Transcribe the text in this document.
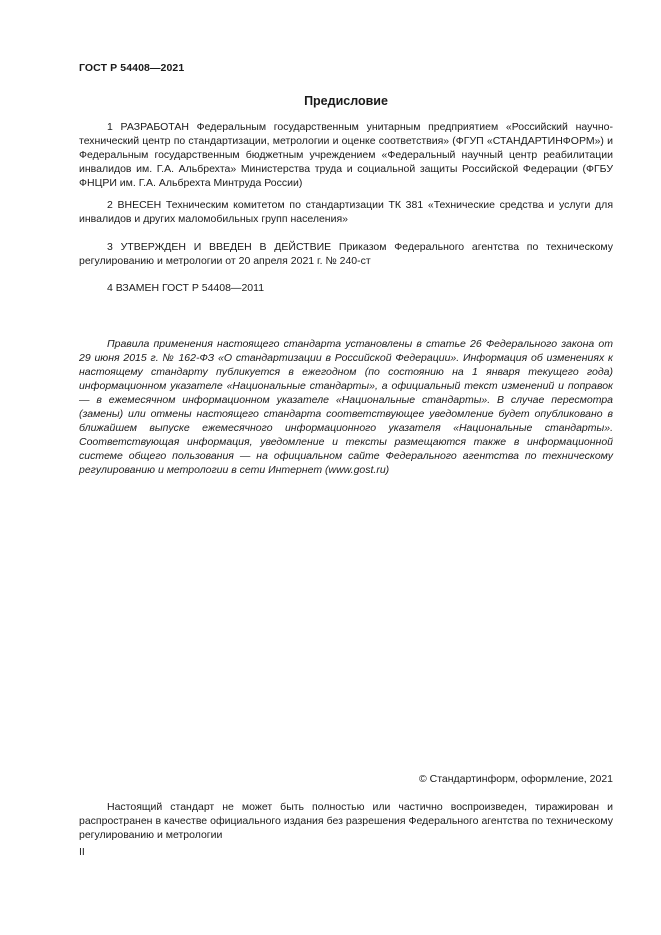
ГОСТ Р 54408—2021
Предисловие

1 РАЗРАБОТАН Федеральным государственным унитарным предприятием «Российский научно-технический центр по стандартизации, метрологии и оценке соответствия» (ФГУП «СТАНДАРТИНФОРМ») и Федеральным государственным бюджетным учреждением «Федеральный научный центр реабилитации инвалидов им. Г.А. Альбрехта» Министерства труда и социальной защиты Российской Федерации (ФГБУ ФНЦРИ им. Г.А. Альбрехта Минтруда России)

2 ВНЕСЕН Техническим комитетом по стандартизации ТК 381 «Технические средства и услуги для инвалидов и других маломобильных групп населения»

3 УТВЕРЖДЕН И ВВЕДЕН В ДЕЙСТВИЕ Приказом Федерального агентства по техническому регулированию и метрологии от 20 апреля 2021 г. № 240-ст

4 ВЗАМЕН ГОСТ Р 54408—2011

Правила применения настоящего стандарта установлены в статье 26 Федерального закона от 29 июня 2015 г. № 162-ФЗ «О стандартизации в Российской Федерации». Информация об изменениях к настоящему стандарту публикуется в ежегодном (по состоянию на 1 января текущего года) информационном указателе «Национальные стандарты», а официальный текст изменений и поправок — в ежемесячном информационном указателе «Национальные стандарты». В случае пересмотра (замены) или отмены настоящего стандарта соответствующее уведомление будет опубликовано в ближайшем выпуске ежемесячного информационного указателя «Национальные стандарты». Соответствующая информация, уведомление и тексты размещаются также в информационной системе общего пользования — на официальном сайте Федерального агентства по техническому регулированию и метрологии в сети Интернет (www.gost.ru)

© Стандартинформ, оформление, 2021

Настоящий стандарт не может быть полностью или частично воспроизведен, тиражирован и распространен в качестве официального издания без разрешения Федерального агентства по техническому регулированию и метрологии

II
